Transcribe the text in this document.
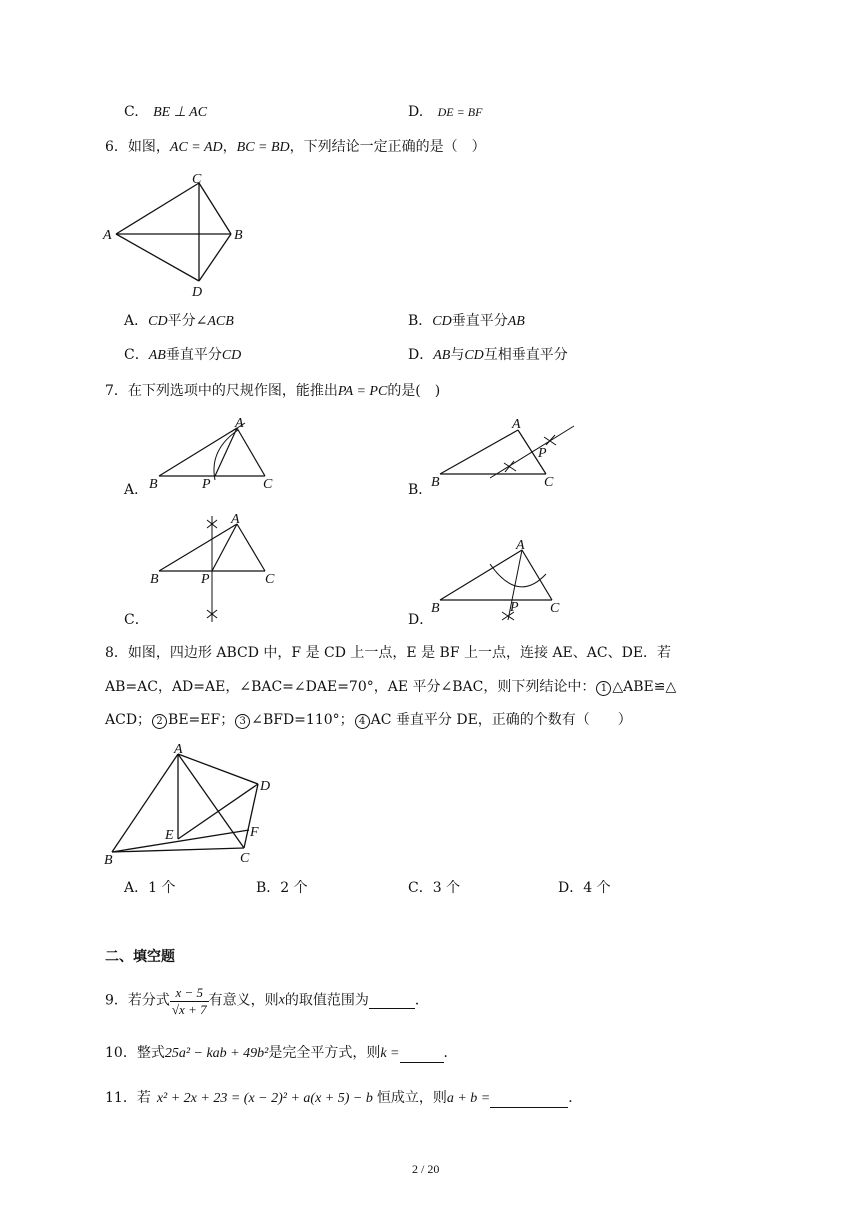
C. BE ⊥ AC	D. DE = BF
6．如图，AC = AD，BC = BD，下列结论一定正确的是（　）
C
A	B
D
A．CD平分∠ACB	B．CD垂直平分AB
C．AB垂直平分CD	D．AB与CD互相垂直平分
7．在下列选项中的尺规作图，能推出PA = PC的是(　)
A．
A
B	P	C	B．
A
B
P
C
C．
A
B	P	C
D．
A
B	P C
8．如图，四边形 ABCD 中，F 是 CD 上一点，E 是 BF 上一点，连接 AE、AC、DE．若
AB=AC，AD=AE，∠BAC=∠DAE=70°，AE 平分∠BAC，则下列结论中： 1 △ABE≌△
ACD； 2 BE=EF； 3 ∠BFD=110°； 4 AC 垂直平分 DE，正确的个数有（　　）
A
D
E	F
B	C
A．1 个	B．2 个	C．3 个	D．4 个
二、填空题
9．若分式 $\frac{x - 5}{√x + 7}$ 有意义，则x的取值范围为	．
10．整式25a² − kab + 49b²是完全平方式，则k =	．
11．若 x² + 2x + 23 = (x − 2)² + a(x + 5) − b 恒成立，则a + b =	．
2 / 20
